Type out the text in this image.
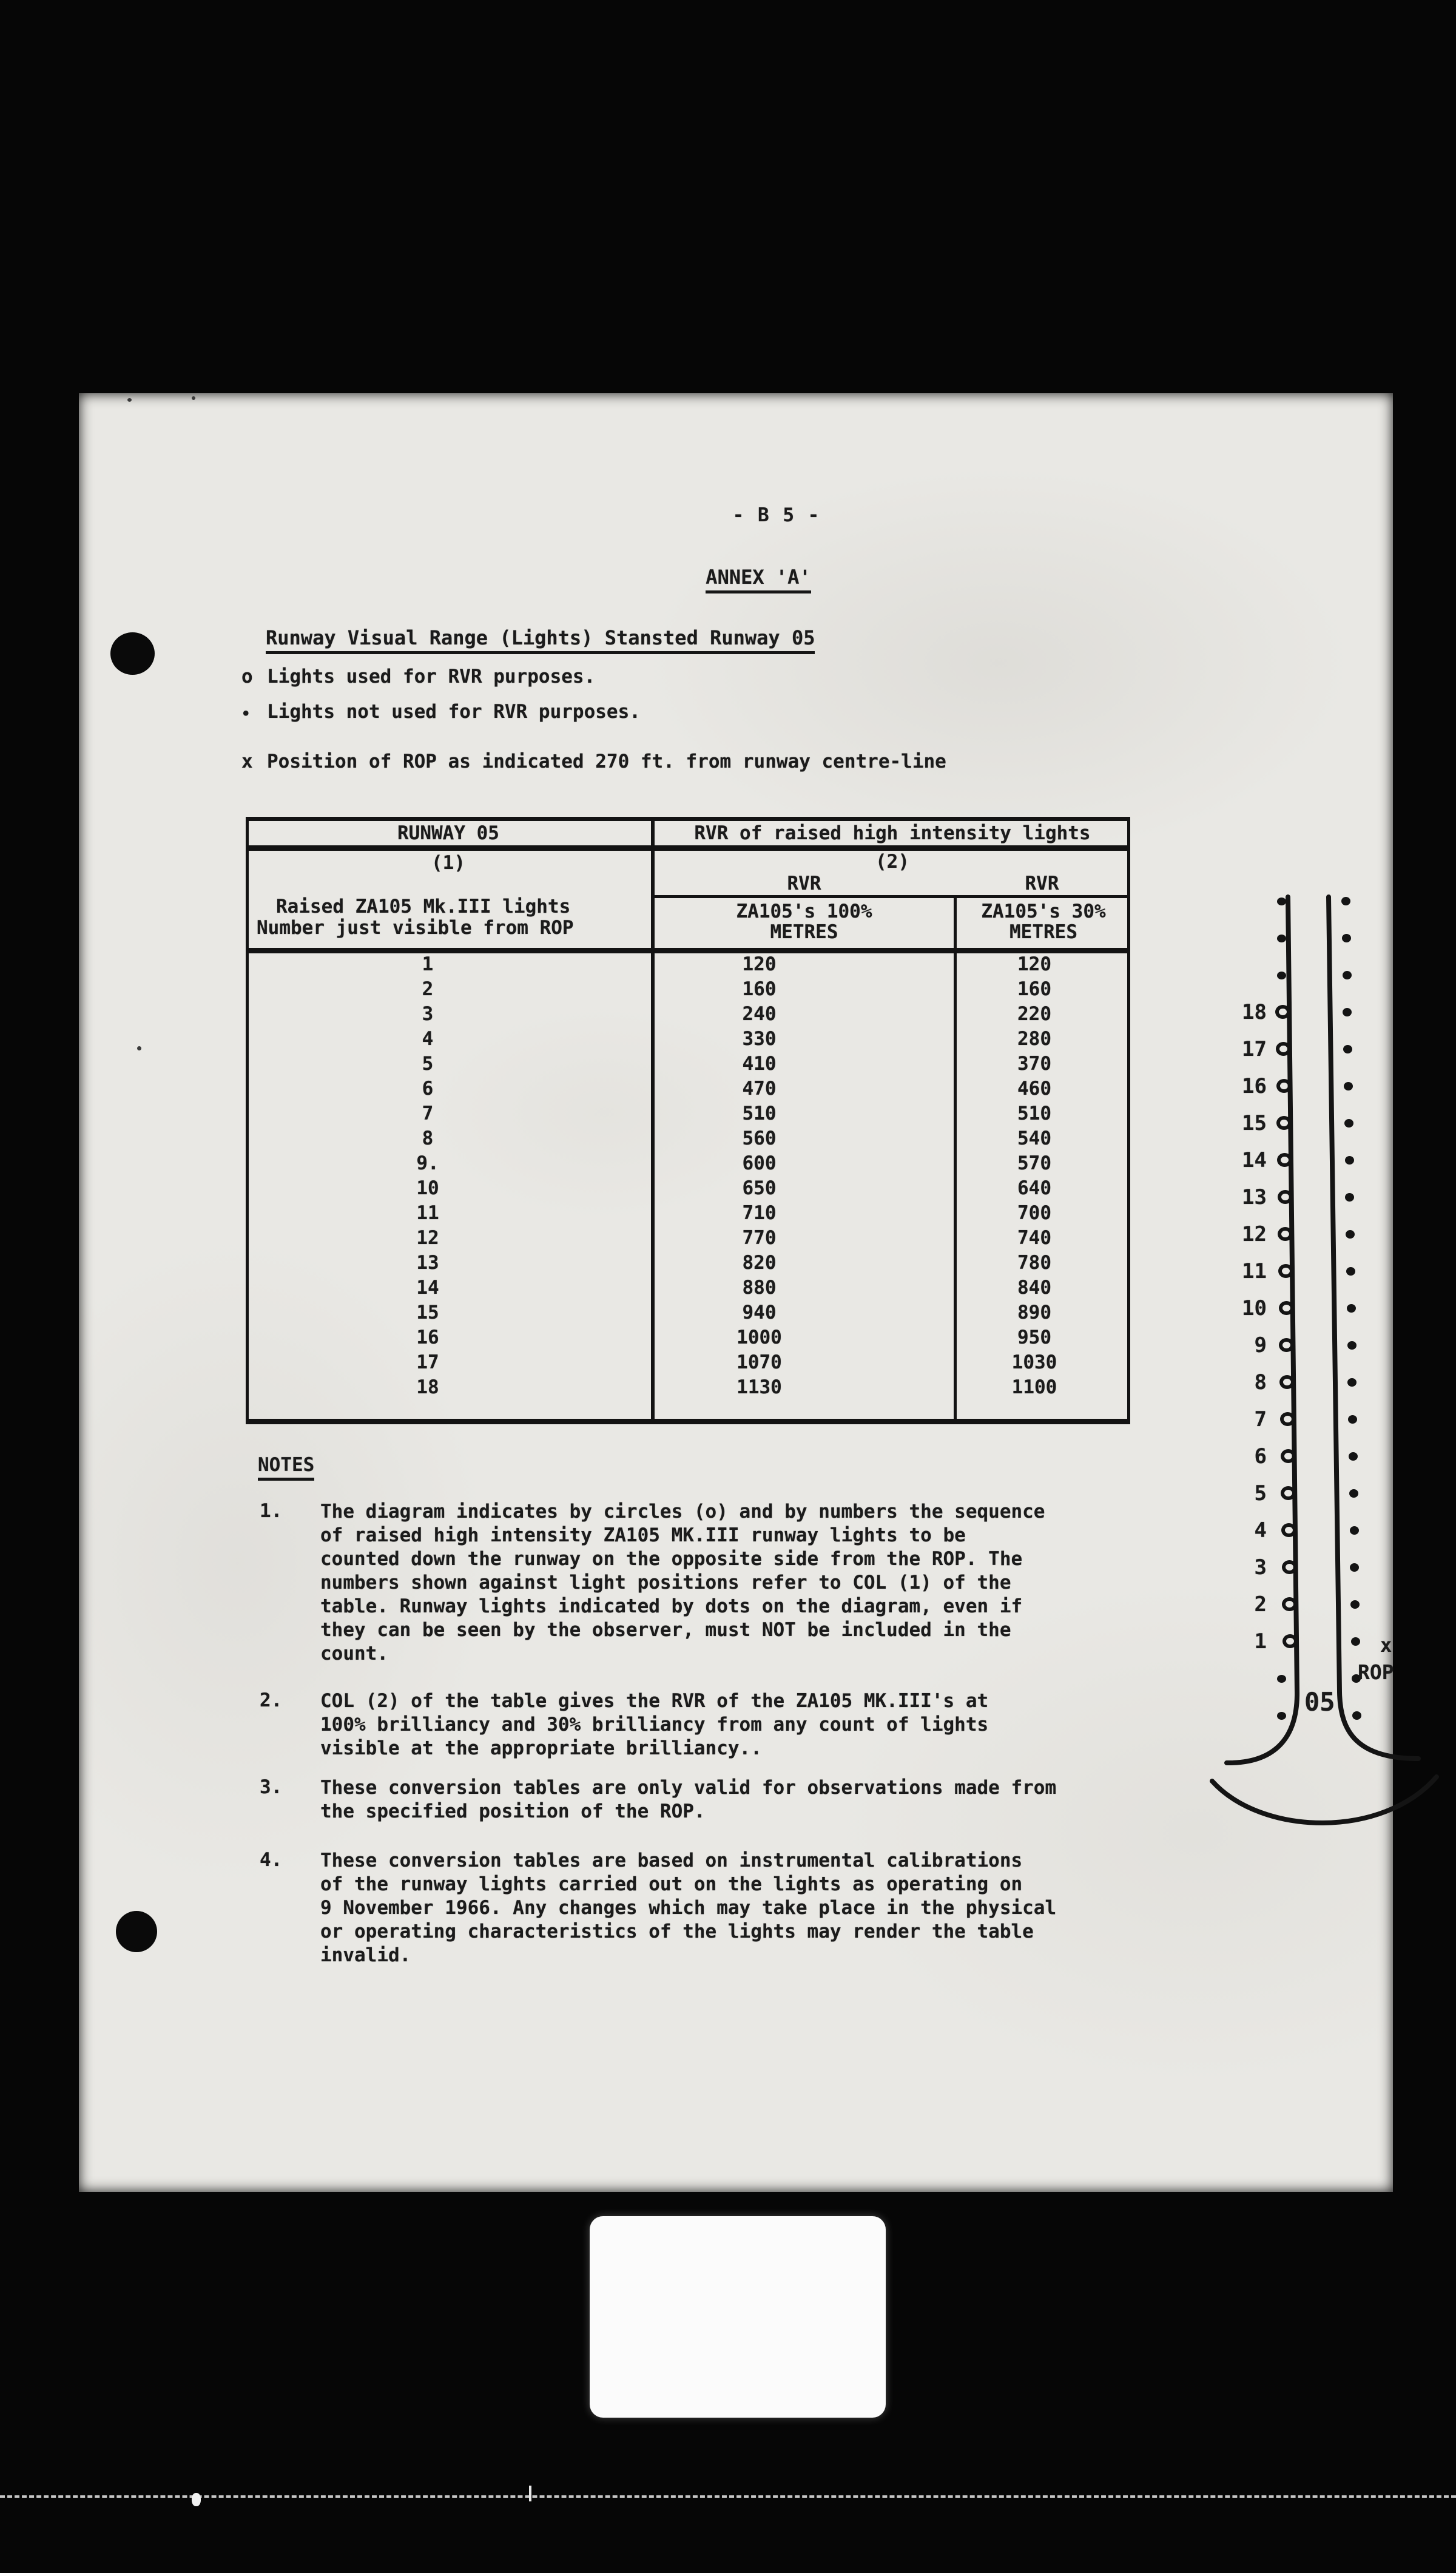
- B 5 -
ANNEX 'A'
Runway Visual Range (Lights) Stansted Runway 05
o Lights used for RVR purposes.
• Lights not used for RVR purposes.
x Position of ROP as indicated 270 ft. from runway centre-line
RUNWAY 05	RVR of raised high intensity lights
(1)	(2)
RVR	RVR
Raised ZA105 Mk.III lights
Number just visible from ROP
ZA105's 100%
METRES
ZA105's 30%
METRES
1	120	120
2	160	160
3	240	220
4	330	280
5	410	370
6	470	460
7	510	510
8	560	540
9.	600	570
10	650	640
11	710	700
12	770	740
13	820	780
14	880	840
15	940	890
16	1000	950
17	1070	1030
18	1130	1100
NOTES
1. The diagram indicates by circles (o) and by numbers the sequence
of raised high intensity ZA105 MK.III runway lights to be
counted down the runway on the opposite side from the ROP. The
numbers shown against light positions refer to COL (1) of the
table. Runway lights indicated by dots on the diagram, even if
they can be seen by the observer, must NOT be included in the
count.
2. COL (2) of the table gives the RVR of the ZA105 MK.III's at
100% brilliancy and 30% brilliancy from any count of lights
visible at the appropriate brilliancy..
3. These conversion tables are only valid for observations made from
the specified position of the ROP.
4. These conversion tables are based on instrumental calibrations
of the runway lights carried out on the lights as operating on
9 November 1966. Any changes which may take place in the physical
or operating characteristics of the lights may render the table
invalid.
18
17
16
15
14
13
12
11
10
9
8
7
6
5
4
3
2
1	x
ROP
05
